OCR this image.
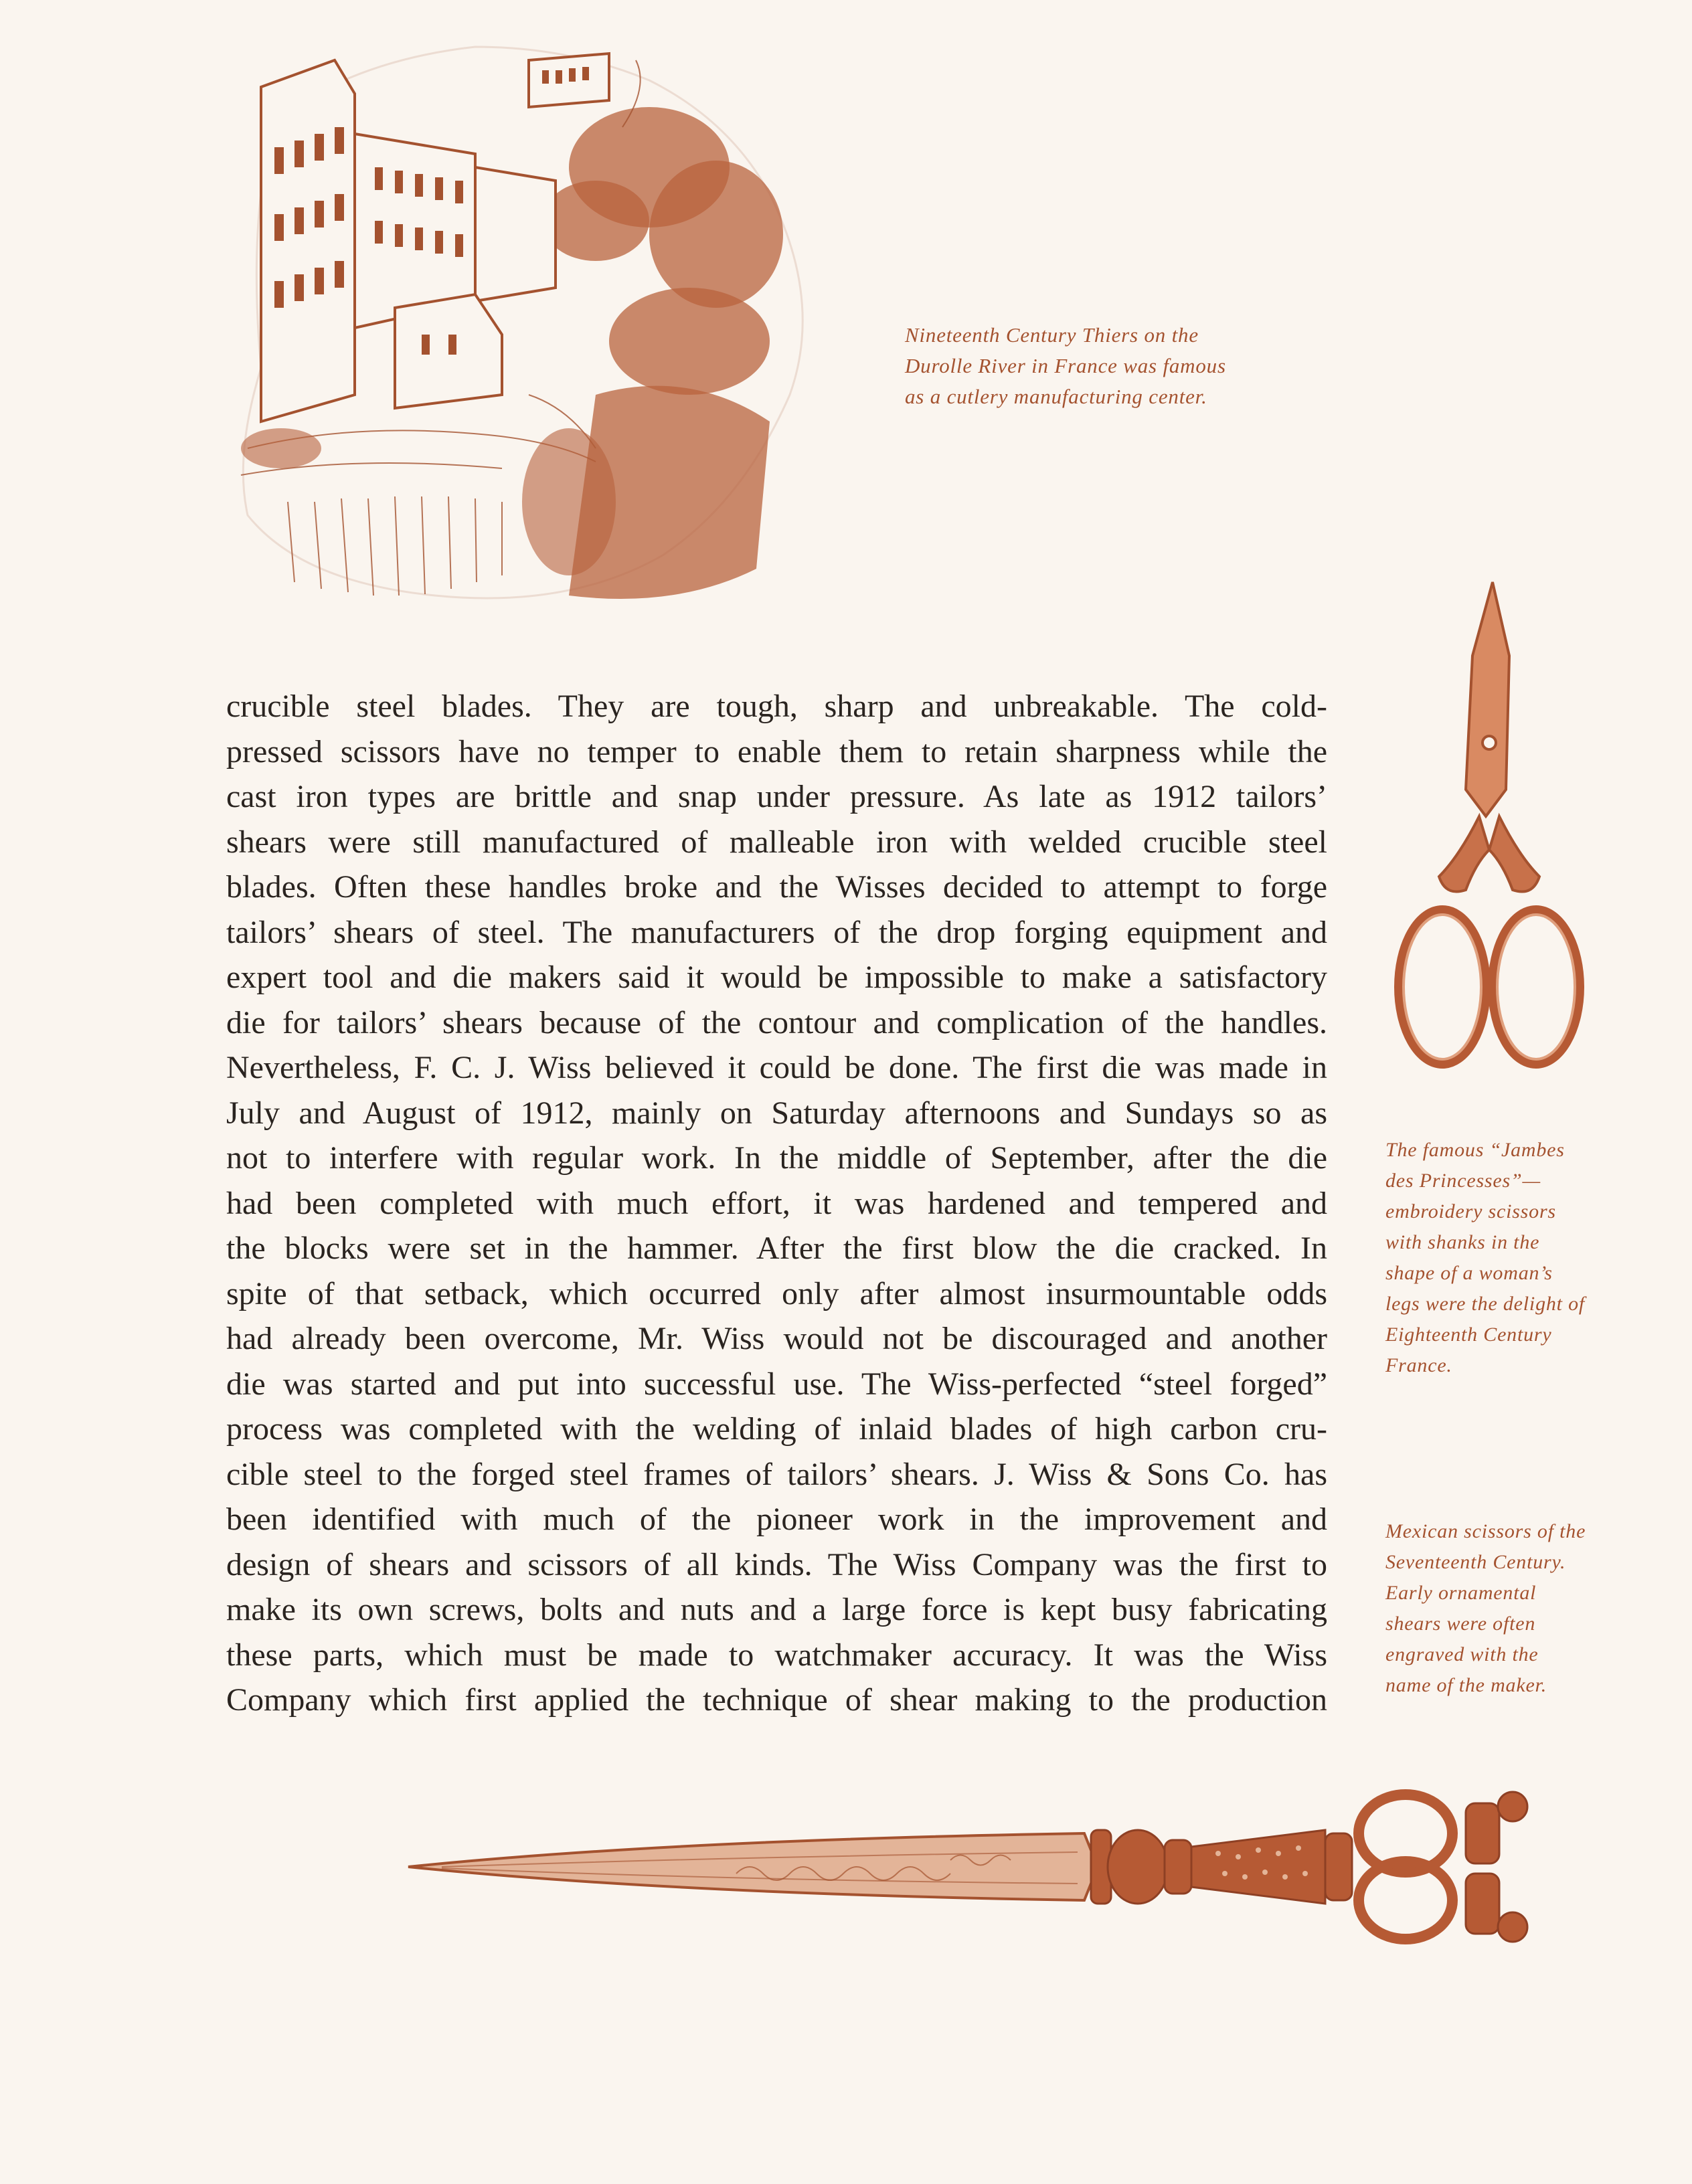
Nineteenth Century Thiers on the
Durolle River in France was famous
as a cutlery manufacturing center.
The famous “Jambes
des Princesses”—
embroidery scissors
with shanks in the
shape of a woman’s
legs were the delight of
Eighteenth Century
France.
Mexican scissors of the
Seventeenth Century.
Early ornamental
shears were often
engraved with the
name of the maker.
crucible steel blades. They are tough, sharp and unbreakable. The cold-
pressed scissors have no temper to enable them to retain sharpness while the
cast iron types are brittle and snap under pressure. As late as 1912 tailors’
shears were still manufactured of malleable iron with welded crucible steel
blades. Often these handles broke and the Wisses decided to attempt to forge
tailors’ shears of steel. The manufacturers of the drop forging equipment and
expert tool and die makers said it would be impossible to make a satisfactory
die for tailors’ shears because of the contour and complication of the handles.
Nevertheless, F. C. J. Wiss believed it could be done. The first die was made in
July and August of 1912, mainly on Saturday afternoons and Sundays so as
not to interfere with regular work. In the middle of September, after the die
had been completed with much effort, it was hardened and tempered and
the blocks were set in the hammer. After the first blow the die cracked. In
spite of that setback, which occurred only after almost insurmountable odds
had already been overcome, Mr. Wiss would not be discouraged and another
die was started and put into successful use. The Wiss-perfected “steel forged”
process was completed with the welding of inlaid blades of high carbon cru-
cible steel to the forged steel frames of tailors’ shears. J. Wiss & Sons Co. has
been identified with much of the pioneer work in the improvement and
design of shears and scissors of all kinds. The Wiss Company was the first to
make its own screws, bolts and nuts and a large force is kept busy fabricating
these parts, which must be made to watchmaker accuracy. It was the Wiss
Company which first applied the technique of shear making to the production
